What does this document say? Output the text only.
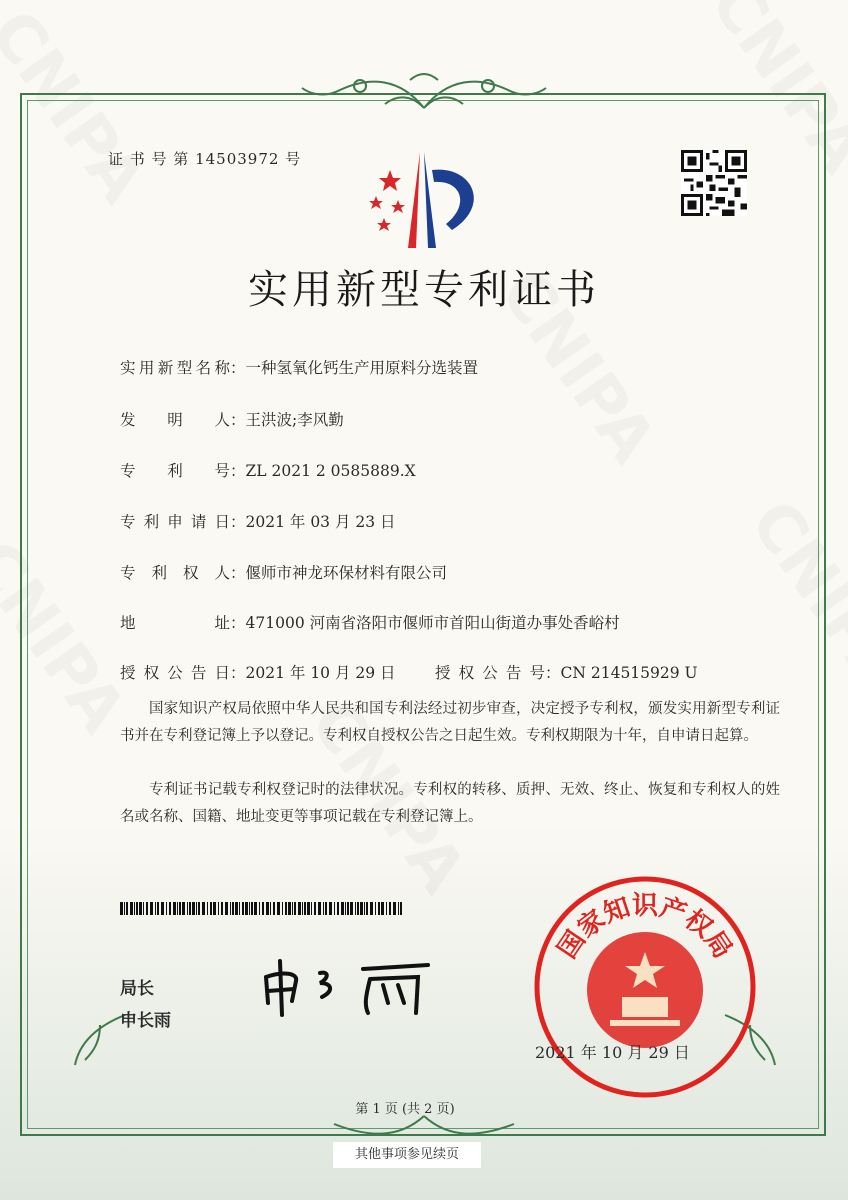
证 书 号 第 14503972 号
实用新型专利证书
实用新型名称：一种氢氧化钙生产用原料分选装置
发明人：王洪波;李风勤
专利号：ZL 2021 2 0585889.X
专利申请日：2021 年 03 月 23 日
专利权人：偃师市神龙环保材料有限公司
地址：471000 河南省洛阳市偃师市首阳山街道办事处香峪村
授权公告日：2021 年 10 月 29 日	授权公告号：CN 214515929 U
国家知识产权局依照中华人民共和国专利法经过初步审查，决定授予专利权，颁发实用新型专利证书并在专利登记簿上予以登记。专利权自授权公告之日起生效。专利权期限为十年，自申请日起算。
专利证书记载专利权登记时的法律状况。专利权的转移、质押、无效、终止、恢复和专利权人的姓名或名称、国籍、地址变更等事项记载在专利登记簿上。
局长
申长雨
国家知识产权局
2021 年 10 月 29 日
第 1 页 (共 2 页)
其他事项参见续页
